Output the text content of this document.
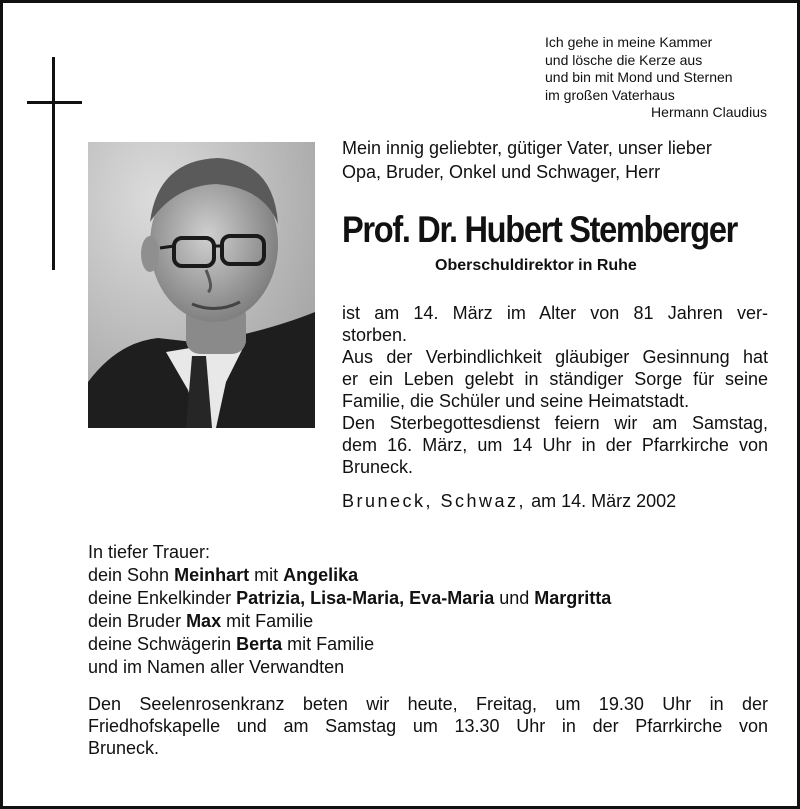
Ich gehe in meine Kammer
und lösche die Kerze aus
und bin mit Mond und Sternen
im großen Vaterhaus
Hermann Claudius
Mein innig geliebter, gütiger Vater, unser lieber
Opa, Bruder, Onkel und Schwager, Herr
Prof. Dr. Hubert Stemberger
Oberschuldirektor in Ruhe
ist am 14. März im Alter von 81 Jahren ver-
storben.
Aus der Verbindlichkeit gläubiger Gesinnung hat
er ein Leben gelebt in ständiger Sorge für seine
Familie, die Schüler und seine Heimatstadt.
Den Sterbegottesdienst feiern wir am Samstag,
dem 16. März, um 14 Uhr in der Pfarrkirche von
Bruneck.
Bruneck, Schwaz, am 14. März 2002
In tiefer Trauer:
dein Sohn Meinhart mit Angelika
deine Enkelkinder Patrizia, Lisa-Maria, Eva-Maria und Margritta
dein Bruder Max mit Familie
deine Schwägerin Berta mit Familie
und im Namen aller Verwandten
Den Seelenrosenkranz beten wir heute, Freitag, um 19.30 Uhr in der
Friedhofskapelle und am Samstag um 13.30 Uhr in der Pfarrkirche von
Bruneck.
